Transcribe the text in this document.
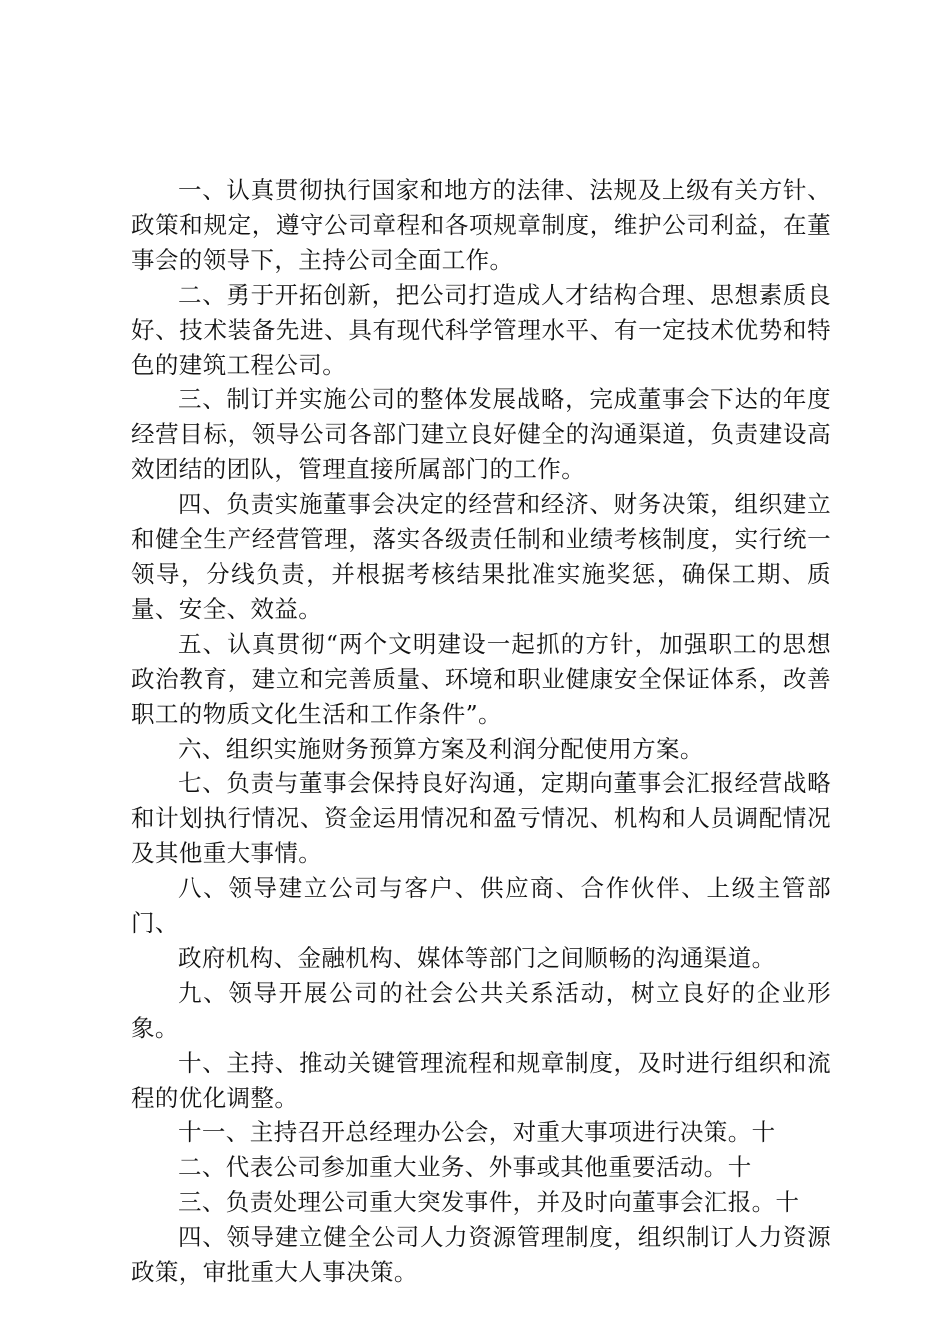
一、认真贯彻执行国家和地方的法律、法规及上级有关方针、政策和规定，遵守公司章程和各项规章制度，维护公司利益，在董事会的领导下，主持公司全面工作。

二、勇于开拓创新，把公司打造成人才结构合理、思想素质良好、技术装备先进、具有现代科学管理水平、有一定技术优势和特色的建筑工程公司。

三、制订并实施公司的整体发展战略，完成董事会下达的年度经营目标，领导公司各部门建立良好健全的沟通渠道，负责建设高效团结的团队，管理直接所属部门的工作。

四、负责实施董事会决定的经营和经济、财务决策，组织建立和健全生产经营管理，落实各级责任制和业绩考核制度，实行统一领导，分线负责，并根据考核结果批准实施奖惩，确保工期、质量、安全、效益。

五、认真贯彻“两个文明建设一起抓的方针，加强职工的思想政治教育，建立和完善质量、环境和职业健康安全保证体系，改善职工的物质文化生活和工作条件”。

六、组织实施财务预算方案及利润分配使用方案。

七、负责与董事会保持良好沟通，定期向董事会汇报经营战略和计划执行情况、资金运用情况和盈亏情况、机构和人员调配情况及其他重大事情。

八、领导建立公司与客户、供应商、合作伙伴、上级主管部门、

政府机构、金融机构、媒体等部门之间顺畅的沟通渠道。

九、领导开展公司的社会公共关系活动，树立良好的企业形象。

十、主持、推动关键管理流程和规章制度，及时进行组织和流程的优化调整。

十一、主持召开总经理办公会，对重大事项进行决策。十

二、代表公司参加重大业务、外事或其他重要活动。十

三、负责处理公司重大突发事件，并及时向董事会汇报。十

四、领导建立健全公司人力资源管理制度，组织制订人力资源政策，审批重大人事决策。
